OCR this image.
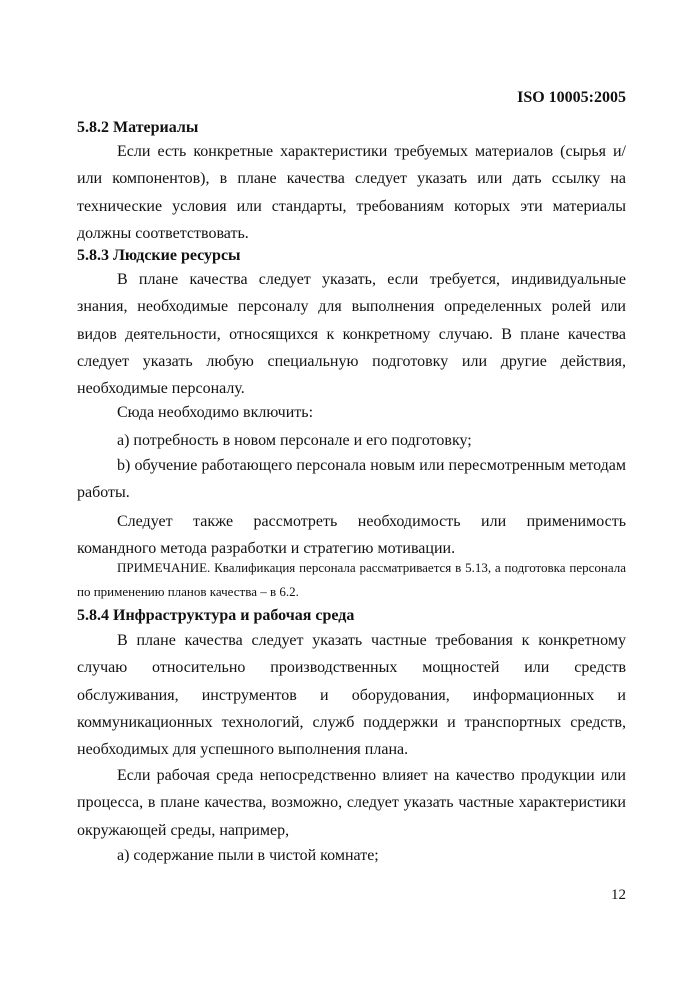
ISO 10005:2005
5.8.2 Материалы
Если есть конкретные характеристики требуемых материалов (сырья и/или компонентов), в плане качества следует указать или дать ссылку на технические условия или стандарты, требованиям которых эти материалы должны соответствовать.
5.8.3 Людские ресурсы
В плане качества следует указать, если требуется, индивидуальные знания, необходимые персоналу для выполнения определенных ролей или видов деятельности, относящихся к конкретному случаю. В плане качества следует указать любую специальную подготовку или другие действия, необходимые персоналу.
Сюда необходимо включить:
a) потребность в новом персонале и его подготовку;
b) обучение работающего персонала новым или пересмотренным методам работы.
Следует также рассмотреть необходимость или применимость командного метода разработки и стратегию мотивации.
ПРИМЕЧАНИЕ. Квалификация персонала рассматривается в 5.13, а подготовка персонала по применению планов качества – в 6.2.
5.8.4 Инфраструктура и рабочая среда
В плане качества следует указать частные требования к конкретному случаю относительно производственных мощностей или средств обслуживания, инструментов и оборудования, информационных и коммуникационных технологий, служб поддержки и транспортных средств, необходимых для успешного выполнения плана.
Если рабочая среда непосредственно влияет на качество продукции или процесса, в плане качества, возможно, следует указать частные характеристики окружающей среды, например,
a) содержание пыли в чистой комнате;
12
